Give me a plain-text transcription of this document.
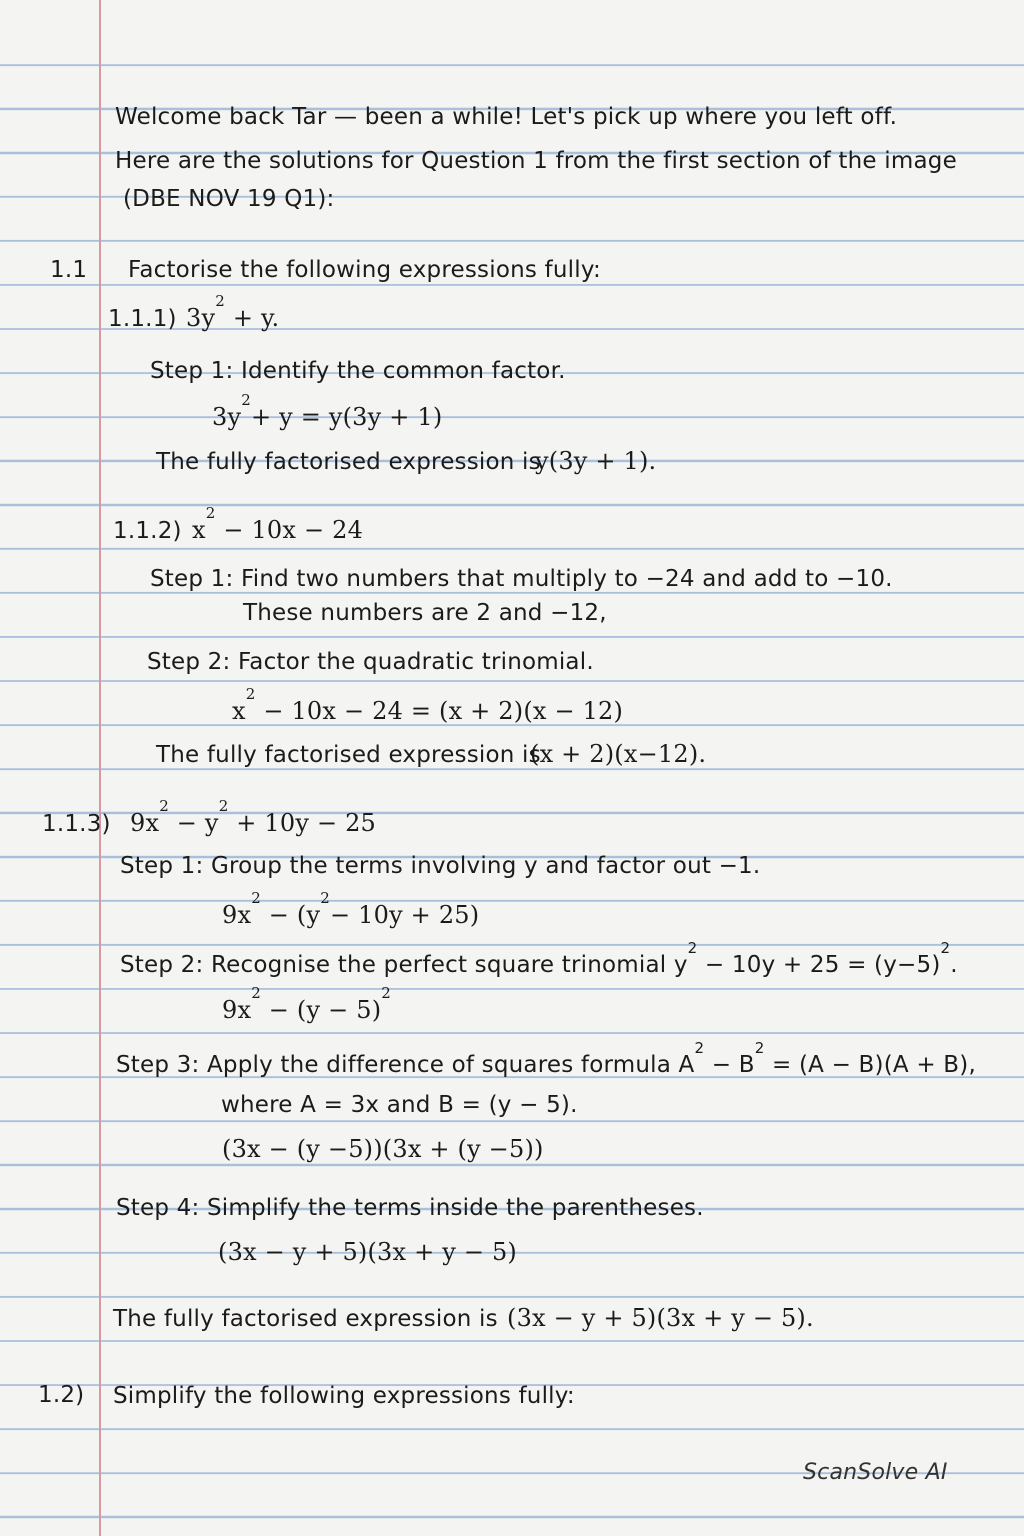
Welcome back Tar — been a while! Let's pick up where you left off.
Here are the solutions for Question 1 from the first section of the image
(DBE NOV 19 Q1):
1.1 Factorise the following expressions fully:
1.1.1) $3y^2 + y$.
Step 1: Identify the common factor.
$3y^2+ y = y(3y + 1)$
The fully factorised expression is
y(3y + 1).
1.1.2) $x^2 - 10x - 24$
Step 1: Find two numbers that multiply to −24 and add to −10.
These numbers are 2 and −12,
Step 2: Factor the quadratic trinomial.
$x^2 - 10x - 24 = (x + 2)(x - 12)$
The fully factorised expression is
(x + 2)(x−12).
1.1.3) $9x^2 - y^2 + 10y - 25$
Step 1: Group the terms involving y and factor out −1.
$9x^2 - (y^2- 10y + 25)$
Step 2: Recognise the perfect square trinomial $y^2 - 10y + 25 = (y-5)^2$.
$9x^2 - (y - 5)^2$
Step 3: Apply the difference of squares formula $A^2 - B^2 = (A - B)(A + B)$,
where A = 3x and B = (y − 5).
(3x − (y −5))(3x + (y −5))
Step 4: Simplify the terms inside the parentheses.
(3x − y + 5)(3x + y − 5)
The fully factorised expression is (3x − y + 5)(3x + y − 5).
1.2) Simplify the following expressions fully:
ScanSolve AI
